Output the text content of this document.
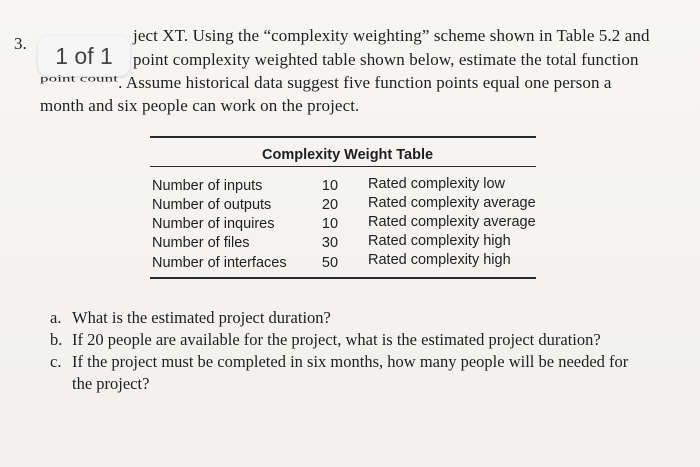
3.	1 of 1
ject XT. Using the “complexity weighting” scheme shown in Table 5.2 and
point complexity weighted table shown below, estimate the total function
point count. Assume historical data suggest five function points equal one person a
month and six people can work on the project.
Complexity Weight Table
Number of inputs	10 Rated complexity low
Number of outputs	20 Rated complexity average
Number of inquires	10 Rated complexity average
Number of files	30 Rated complexity high
Number of interfaces 50 Rated complexity high
a. What is the estimated project duration?
b. If 20 people are available for the project, what is the estimated project duration?
c. If the project must be completed in six months, how many people will be needed for
the project?
